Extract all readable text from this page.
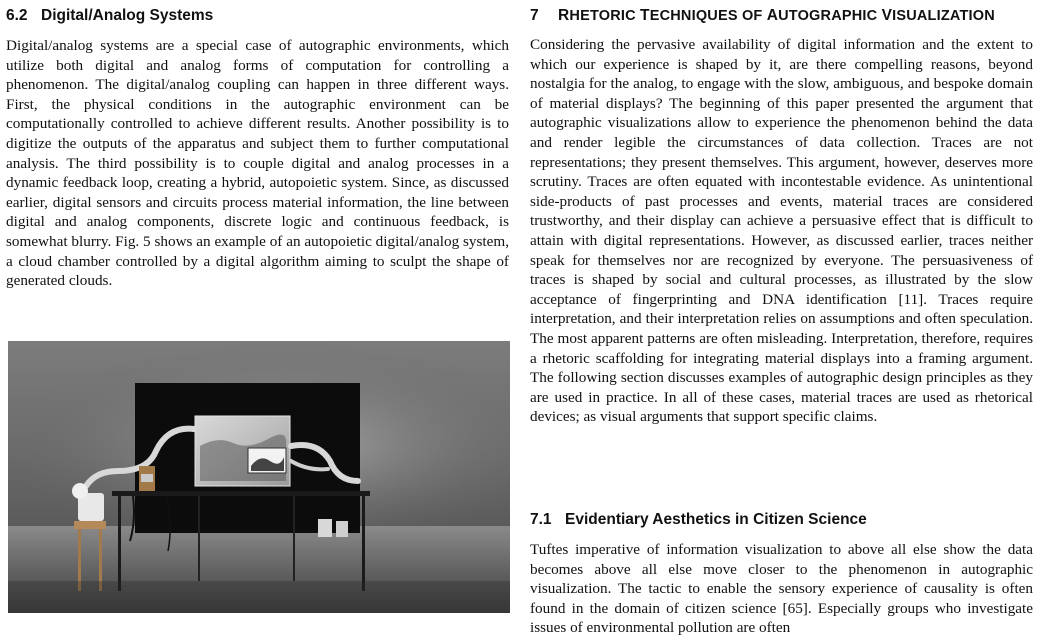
6.2 Digital/Analog Systems

Digital/analog systems are a special case of autographic environments, which utilize both digital and analog forms of computation for controlling a phenomenon. The digital/analog coupling can happen in three different ways. First, the physical conditions in the autographic environment can be computationally controlled to achieve different results. Another possibility is to digitize the outputs of the apparatus and subject them to further computational analysis. The third possibility is to couple digital and analog processes in a dynamic feedback loop, creating a hybrid, autopoietic system. Since, as discussed earlier, digital sensors and circuits process material information, the line between digital and analog components, discrete logic and continuous feedback, is somewhat blurry. Fig. 5 shows an example of an autopoietic digital/analog system, a cloud chamber controlled by a digital algorithm aiming to sculpt the shape of generated clouds.

7 RHETORIC TECHNIQUES OF AUTOGRAPHIC VISUALIZATION

Considering the pervasive availability of digital information and the extent to which our experience is shaped by it, are there compelling reasons, beyond nostalgia for the analog, to engage with the slow, ambiguous, and bespoke domain of material displays? The beginning of this paper presented the argument that autographic visualizations allow to experience the phenomenon behind the data and render legible the circumstances of data collection. Traces are not representations; they present themselves. This argument, however, deserves more scrutiny. Traces are often equated with incontestable evidence. As unintentional side-products of past processes and events, material traces are considered trustworthy, and their display can achieve a persuasive effect that is difficult to attain with digital representations. However, as discussed earlier, traces neither speak for themselves nor are recognized by everyone. The persuasiveness of traces is shaped by social and cultural processes, as illustrated by the slow acceptance of fingerprinting and DNA identification [11]. Traces require interpretation, and their interpretation relies on assumptions and often speculation. The most apparent patterns are often misleading. Interpretation, therefore, requires a rhetoric scaffolding for integrating material displays into a framing argument. The following section discusses examples of autographic design principles as they are used in practice. In all of these cases, material traces are used as rhetorical devices; as visual arguments that support specific claims.

7.1 Evidentiary Aesthetics in Citizen Science

Tuftes imperative of information visualization to above all else show the data becomes above all else move closer to the phenomenon in autographic visualization. The tactic to enable the sensory experience of causality is often found in the domain of citizen science [65]. Especially groups who investigate issues of environmental pollution are often
